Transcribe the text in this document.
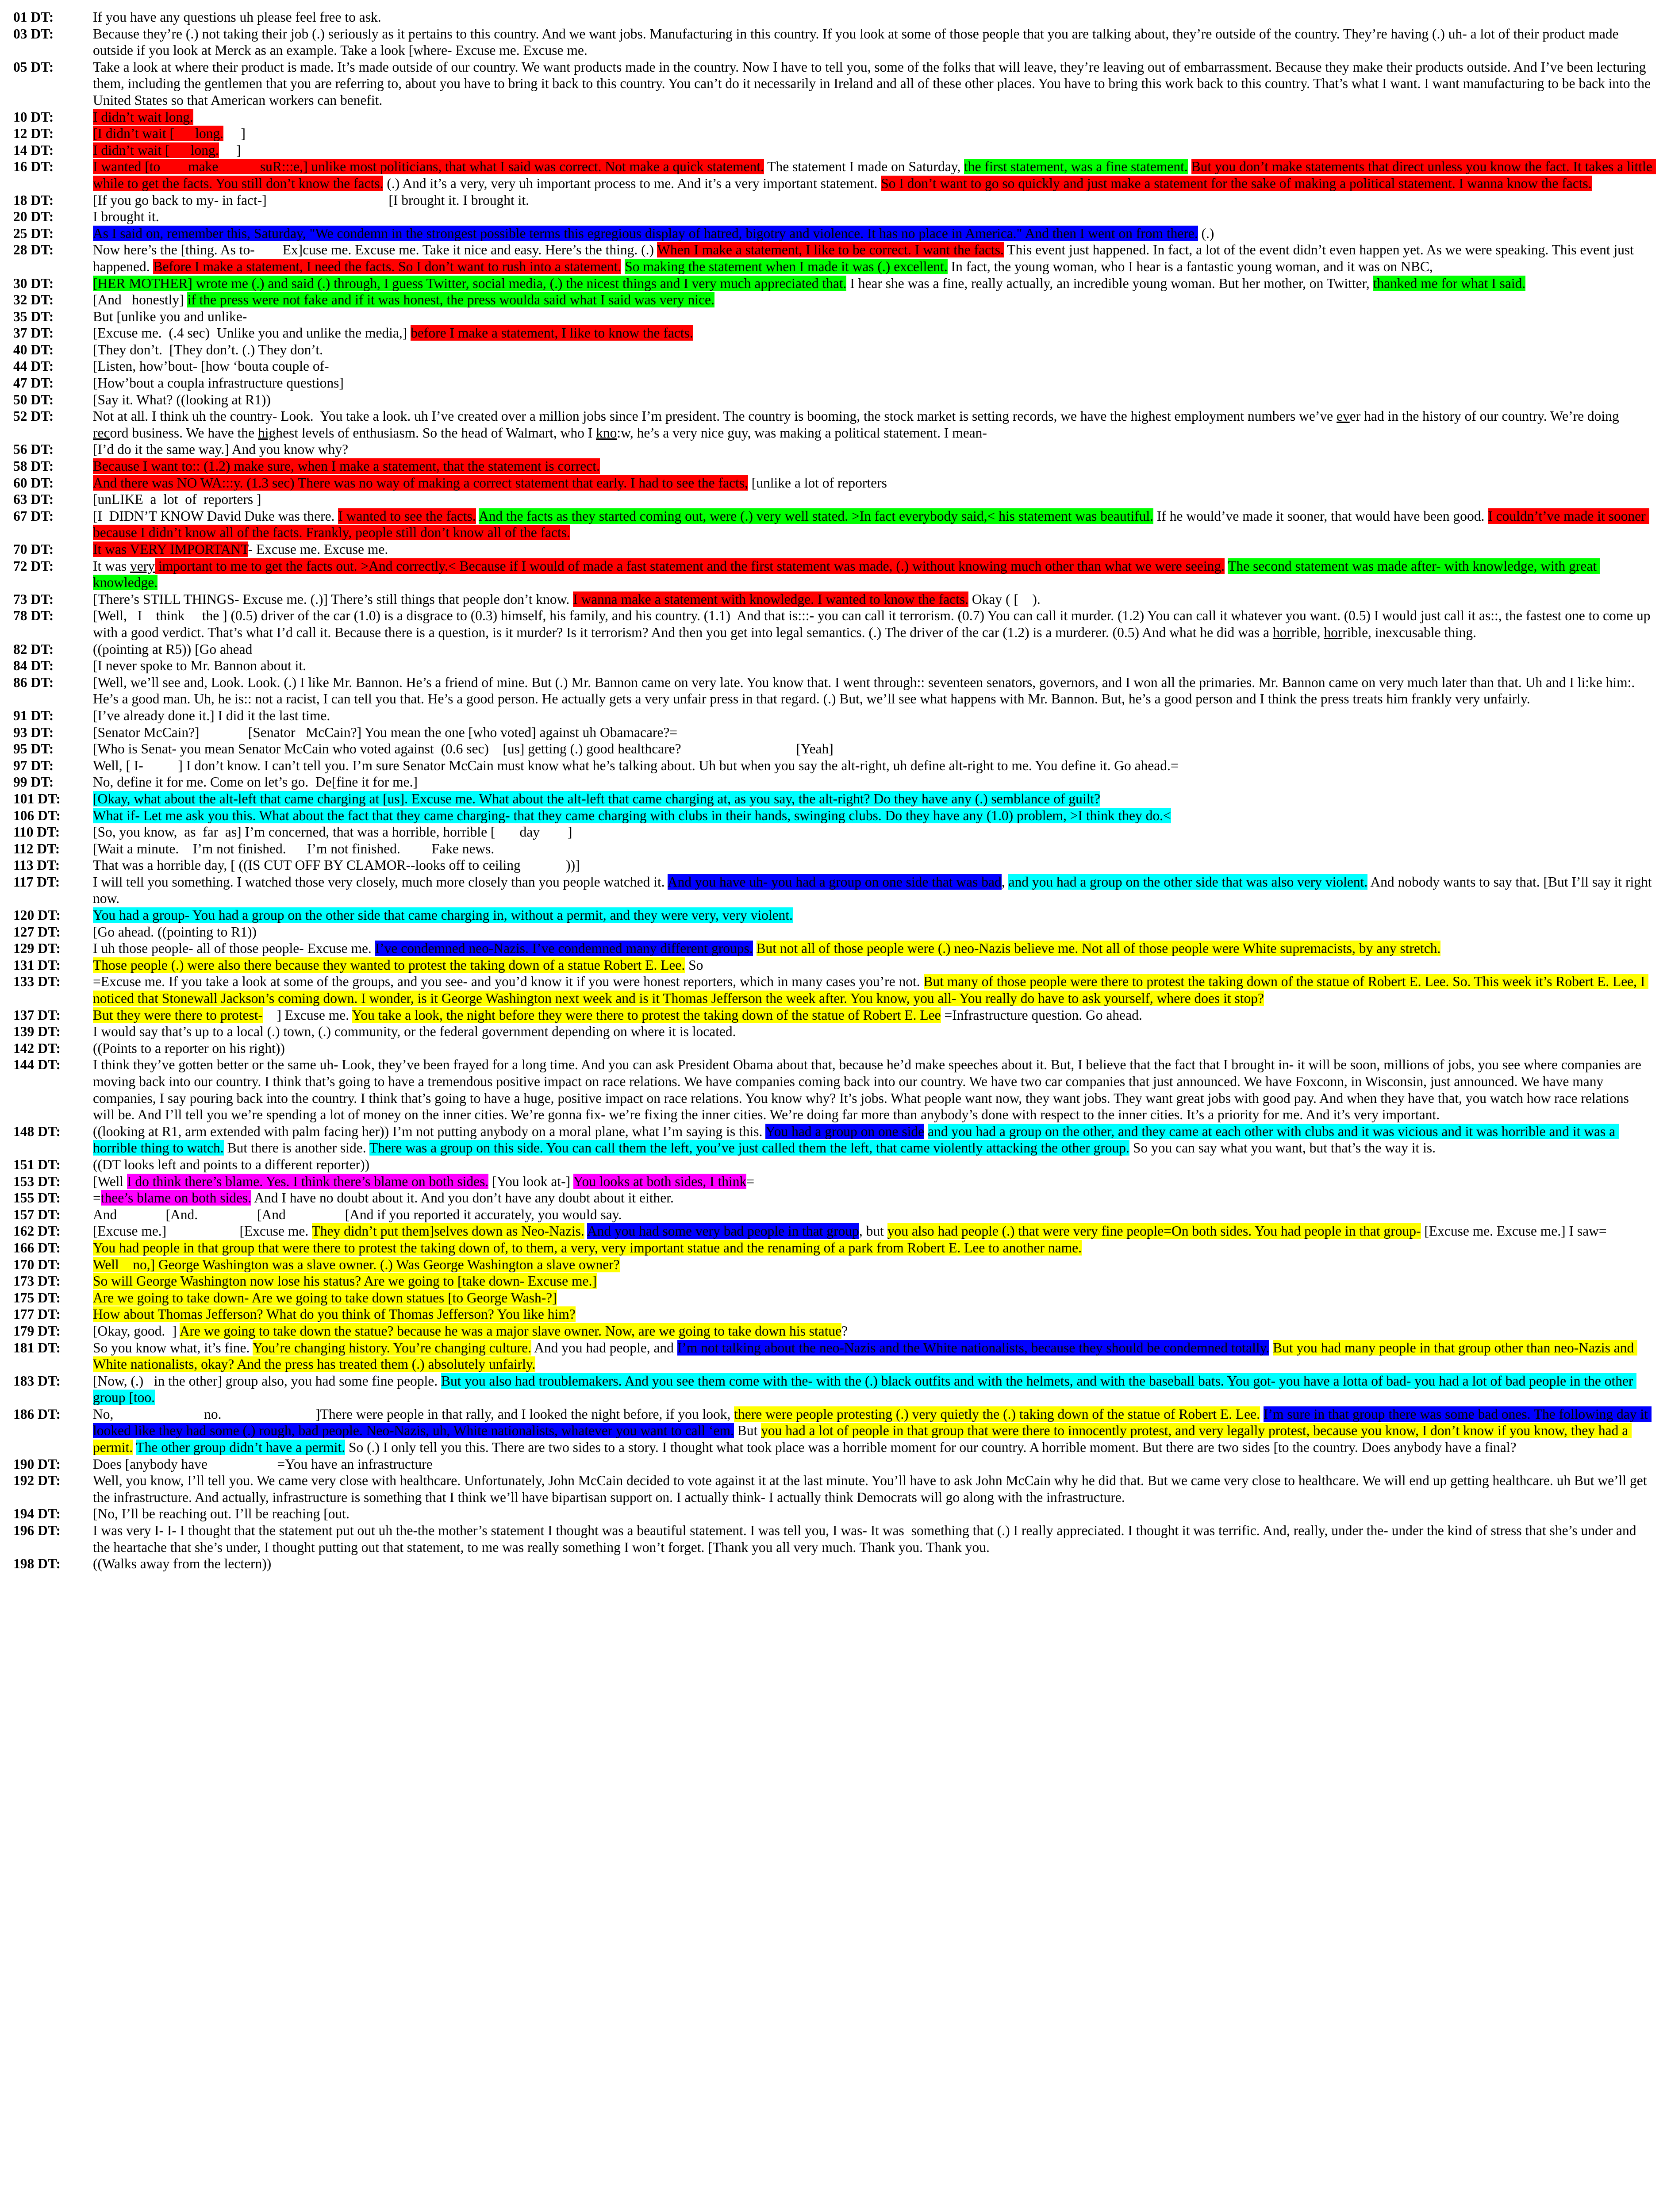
01 DT:	If you have any questions uh please feel free to ask.
03 DT:	Because they’re (.) not taking their job (.) seriously as it pertains to this country. And we want jobs. Manufacturing in this country. If you look at some of those people that you are talking about, they’re outside of the country. They’re having (.) uh- a lot of their product made outside if you look at Merck as an example. Take a look [where- Excuse me. Excuse me.
05 DT:	Take a look at where their product is made. It’s made outside of our country. We want products made in the country. Now I have to tell you, some of the folks that will leave, they’re leaving out of embarrassment. Because they make their products outside. And I’ve been lecturing them, including the gentlemen that you are referring to, about you have to bring it back to this country. You can’t do it necessarily in Ireland and all of these other places. You have to bring this work back to this country. That’s what I want. I want manufacturing to be back into the United States so that American workers can benefit.
10 DT:	I didn’t wait long.
12 DT:	[I didn’t wait [      long.     ]
14 DT:	I didn’t wait [      long.     ]
16 DT:	I wanted [to        make            suR:::e,] unlike most politicians, that what I said was correct. Not make a quick statement. The statement I made on Saturday, the first statement, was a fine statement. But you don’t make statements that direct unless you know the fact. It takes a little while to get the facts. You still don’t know the facts. (.) And it’s a very, very uh important process to me. And it’s a very important statement. So I don’t want to go so quickly and just make a statement for the sake of making a political statement. I wanna know the facts.
18 DT:	[If you go back to my- in fact-]                                   [I brought it. I brought it.
20 DT:	I brought it.
25 DT:	As I said on, remember this, Saturday, "We condemn in the strongest possible terms this egregious display of hatred, bigotry and violence. It has no place in America." And then I went on from there. (.)
28 DT:	Now here’s the [thing. As to-        Ex]cuse me. Excuse me. Take it nice and easy. Here’s the thing. (.) When I make a statement, I like to be correct. I want the facts. This event just happened. In fact, a lot of the event didn’t even happen yet. As we were speaking. This event just happened. Before I make a statement, I need the facts. So I don’t want to rush into a statement. So making the statement when I made it was (.) excellent. In fact, the young woman, who I hear is a fantastic young woman, and it was on NBC,
30 DT:	[HER MOTHER] wrote me (.) and said (.) through, I guess Twitter, social media, (.) the nicest things and I very much appreciated that. I hear she was a fine, really actually, an incredible young woman. But her mother, on Twitter, thanked me for what I said.
32 DT:	[And   honestly] if the press were not fake and if it was honest, the press woulda said what I said was very nice.
35 DT:	But [unlike you and unlike-
37 DT:	[Excuse me.  (.4 sec)  Unlike you and unlike the media,] before I make a statement, I like to know the facts.
40 DT:	[They don’t.  [They don’t. (.) They don’t.
44 DT:	[Listen, how’bout- [how ‘bouta couple of-
47 DT:	[How’bout a coupla infrastructure questions]
50 DT:	[Say it. What? ((looking at R1))
52 DT:	Not at all. I think uh the country- Look.  You take a look. uh I’ve created over a million jobs since I’m president. The country is booming, the stock market is setting records, we have the highest employment numbers we’ve ever had in the history of our country. We’re doing record business. We have the highest levels of enthusiasm. So the head of Walmart, who I kno:w, he’s a very nice guy, was making a political statement. I mean-
56 DT:	[I’d do it the same way.] And you know why?
58 DT:	Because I want to:: (1.2) make sure, when I make a statement, that the statement is correct.
60 DT:	And there was NO WA:::y. (1.3 sec) There was no way of making a correct statement that early. I had to see the facts, [unlike a lot of reporters
63 DT:	[unLIKE  a  lot  of  reporters ]
67 DT:	[I  DIDN’T KNOW David Duke was there. I wanted to see the facts. And the facts as they started coming out, were (.) very well stated. >In fact everybody said,< his statement was beautiful. If he would’ve made it sooner, that would have been good. I couldn’t’ve made it sooner because I didn’t know all of the facts. Frankly, people still don’t know all of the facts.
70 DT:	It was VERY IMPORTANT- Excuse me. Excuse me.
72 DT:	It was very important to me to get the facts out. >And correctly.< Because if I would of made a fast statement and the first statement was made, (.) without knowing much other than what we were seeing. The second statement was made after- with knowledge, with great knowledge.
73 DT:	[There’s STILL THINGS- Excuse me. (.)] There’s still things that people don’t know. I wanna make a statement with knowledge. I wanted to know the facts. Okay ( [    ).
78 DT:	[Well,   I    think     the ] (0.5) driver of the car (1.0) is a disgrace to (0.3) himself, his family, and his country. (1.1)  And that is:::- you can call it terrorism. (0.7) You can call it murder. (1.2) You can call it whatever you want. (0.5) I would just call it as::, the fastest one to come up with a good verdict. That’s what I’d call it. Because there is a question, is it murder? Is it terrorism? And then you get into legal semantics. (.) The driver of the car (1.2) is a murderer. (0.5) And what he did was a horrible, horrible, inexcusable thing.
82 DT:	((pointing at R5)) [Go ahead
84 DT:	[I never spoke to Mr. Bannon about it.
86 DT:	[Well, we’ll see and, Look. Look. (.) I like Mr. Bannon. He’s a friend of mine. But (.) Mr. Bannon came on very late. You know that. I went through:: seventeen senators, governors, and I won all the primaries. Mr. Bannon came on very much later than that. Uh and I li:ke him:. He’s a good man. Uh, he is:: not a racist, I can tell you that. He’s a good person. He actually gets a very unfair press in that regard. (.) But, we’ll see what happens with Mr. Bannon. But, he’s a good person and I think the press treats him frankly very unfairly.
91 DT:	[I’ve already done it.] I did it the last time.
93 DT:	[Senator McCain?]              [Senator   McCain?] You mean the one [who voted] against uh Obamacare?=
95 DT:	[Who is Senat- you mean Senator McCain who voted against  (0.6 sec)    [us] getting (.) good healthcare?                                 [Yeah]
97 DT:	Well, [ I-          ] I don’t know. I can’t tell you. I’m sure Senator McCain must know what he’s talking about. Uh but when you say the alt-right, uh define alt-right to me. You define it. Go ahead.=
99 DT:	No, define it for me. Come on let’s go.  De[fine it for me.]
101 DT:	[Okay, what about the alt-left that came charging at [us]. Excuse me. What about the alt-left that came charging at, as you say, the alt-right? Do they have any (.) semblance of guilt?
106 DT:	What if- Let me ask you this. What about the fact that they came charging- that they came charging with clubs in their hands, swinging clubs. Do they have any (1.0) problem, >I think they do.<
110 DT:	[So, you know,  as  far  as] I’m concerned, that was a horrible, horrible [       day        ]
112 DT:	[Wait a minute.    I’m not finished.      I’m not finished.         Fake news.
113 DT:	That was a horrible day, [ ((IS CUT OFF BY CLAMOR--looks off to ceiling             ))]
117 DT:	I will tell you something. I watched those very closely, much more closely than you people watched it. And you have uh- you had a group on one side that was bad, and you had a group on the other side that was also very violent. And nobody wants to say that. [But I’ll say it right now.
120 DT:	You had a group- You had a group on the other side that came charging in, without a permit, and they were very, very violent.
127 DT:	[Go ahead. ((pointing to R1))
129 DT:	I uh those people- all of those people- Excuse me. I’ve condemned neo-Nazis. I’ve condemned many different groups. But not all of those people were (.) neo-Nazis believe me. Not all of those people were White supremacists, by any stretch.
131 DT:	Those people (.) were also there because they wanted to protest the taking down of a statue Robert E. Lee. So
133 DT:	=Excuse me. If you take a look at some of the groups, and you see- and you’d know it if you were honest reporters, which in many cases you’re not. But many of those people were there to protest the taking down of the statue of Robert E. Lee. So. This week it’s Robert E. Lee, I noticed that Stonewall Jackson’s coming down. I wonder, is it George Washington next week and is it Thomas Jefferson the week after. You know, you all- You really do have to ask yourself, where does it stop?
137 DT:	But they were there to protest-    ] Excuse me. You take a look, the night before they were there to protest the taking down of the statue of Robert E. Lee =Infrastructure question. Go ahead.
139 DT:	I would say that’s up to a local (.) town, (.) community, or the federal government depending on where it is located.
142 DT:	((Points to a reporter on his right))
144 DT:	I think they’ve gotten better or the same uh- Look, they’ve been frayed for a long time. And you can ask President Obama about that, because he’d make speeches about it. But, I believe that the fact that I brought in- it will be soon, millions of jobs, you see where companies are moving back into our country. I think that’s going to have a tremendous positive impact on race relations. We have companies coming back into our country. We have two car companies that just announced. We have Foxconn, in Wisconsin, just announced. We have many companies, I say pouring back into the country. I think that’s going to have a huge, positive impact on race relations. You know why? It’s jobs. What people want now, they want jobs. They want great jobs with good pay. And when they have that, you watch how race relations will be. And I’ll tell you we’re spending a lot of money on the inner cities. We’re gonna fix- we’re fixing the inner cities. We’re doing far more than anybody’s done with respect to the inner cities. It’s a priority for me. And it’s very important.
148 DT:	((looking at R1, arm extended with palm facing her)) I’m not putting anybody on a moral plane, what I’m saying is this. You had a group on one side and you had a group on the other, and they came at each other with clubs and it was vicious and it was horrible and it was a horrible thing to watch. But there is another side. There was a group on this side. You can call them the left, you’ve just called them the left, that came violently attacking the other group. So you can say what you want, but that’s the way it is.
151 DT:	((DT looks left and points to a different reporter))
153 DT:	[Well I do think there’s blame. Yes. I think there’s blame on both sides. [You look at-] You looks at both sides, I think=
155 DT:	=thee’s blame on both sides. And I have no doubt about it. And you don’t have any doubt about it either.
157 DT:	And              [And.                 [And                 [And if you reported it accurately, you would say.
162 DT:	[Excuse me.]                     [Excuse me. They didn’t put them]selves down as Neo-Nazis. And you had some very bad people in that group, but you also had people (.) that were very fine people=On both sides. You had people in that group- [Excuse me. Excuse me.] I saw=
166 DT:	You had people in that group that were there to protest the taking down of, to them, a very, very important statue and the renaming of a park from Robert E. Lee to another name.
170 DT:	Well    no,] George Washington was a slave owner. (.) Was George Washington a slave owner?
173 DT:	So will George Washington now lose his status? Are we going to [take down- Excuse me.]
175 DT:	Are we going to take down- Are we going to take down statues [to George Wash-?]
177 DT:	How about Thomas Jefferson? What do you think of Thomas Jefferson? You like him?
179 DT:	[Okay, good.  ] Are we going to take down the statue? because he was a major slave owner. Now, are we going to take down his statue?
181 DT:	So you know what, it’s fine. You’re changing history. You’re changing culture. And you had people, and I’m not talking about the neo-Nazis and the White nationalists, because they should be condemned totally. But you had many people in that group other than neo-Nazis and White nationalists, okay? And the press has treated them (.) absolutely unfairly.
183 DT:	[Now, (.)   in the other] group also, you had some fine people. But you also had troublemakers. And you see them come with the- with the (.) black outfits and with the helmets, and with the baseball bats. You got- you have a lotta of bad- you had a lot of bad people in the other group [too.
186 DT:	No,                          no.                           ]There were people in that rally, and I looked the night before, if you look, there were people protesting (.) very quietly the (.) taking down of the statue of Robert E. Lee. I’m sure in that group there was some bad ones. The following day it looked like they had some (.) rough, bad people. Neo-Nazis, uh, White nationalists, whatever you want to call ‘em. But you had a lot of people in that group that were there to innocently protest, and very legally protest, because you know, I don’t know if you know, they had a permit. The other group didn’t have a permit. So (.) I only tell you this. There are two sides to a story. I thought what took place was a horrible moment for our country. A horrible moment. But there are two sides [to the country. Does anybody have a final?
190 DT:	Does [anybody have                    =You have an infrastructure
192 DT:	Well, you know, I’ll tell you. We came very close with healthcare. Unfortunately, John McCain decided to vote against it at the last minute. You’ll have to ask John McCain why he did that. But we came very close to healthcare. We will end up getting healthcare. uh But we’ll get the infrastructure. And actually, infrastructure is something that I think we’ll have bipartisan support on. I actually think- I actually think Democrats will go along with the infrastructure.
194 DT:	[No, I’ll be reaching out. I’ll be reaching [out.
196 DT:	I was very I- I- I thought that the statement put out uh the-the mother’s statement I thought was a beautiful statement. I was tell you, I was- It was  something that (.) I really appreciated. I thought it was terrific. And, really, under the- under the kind of stress that she’s under and the heartache that she’s under, I thought putting out that statement, to me was really something I won’t forget. [Thank you all very much. Thank you. Thank you.
198 DT:	((Walks away from the lectern))
